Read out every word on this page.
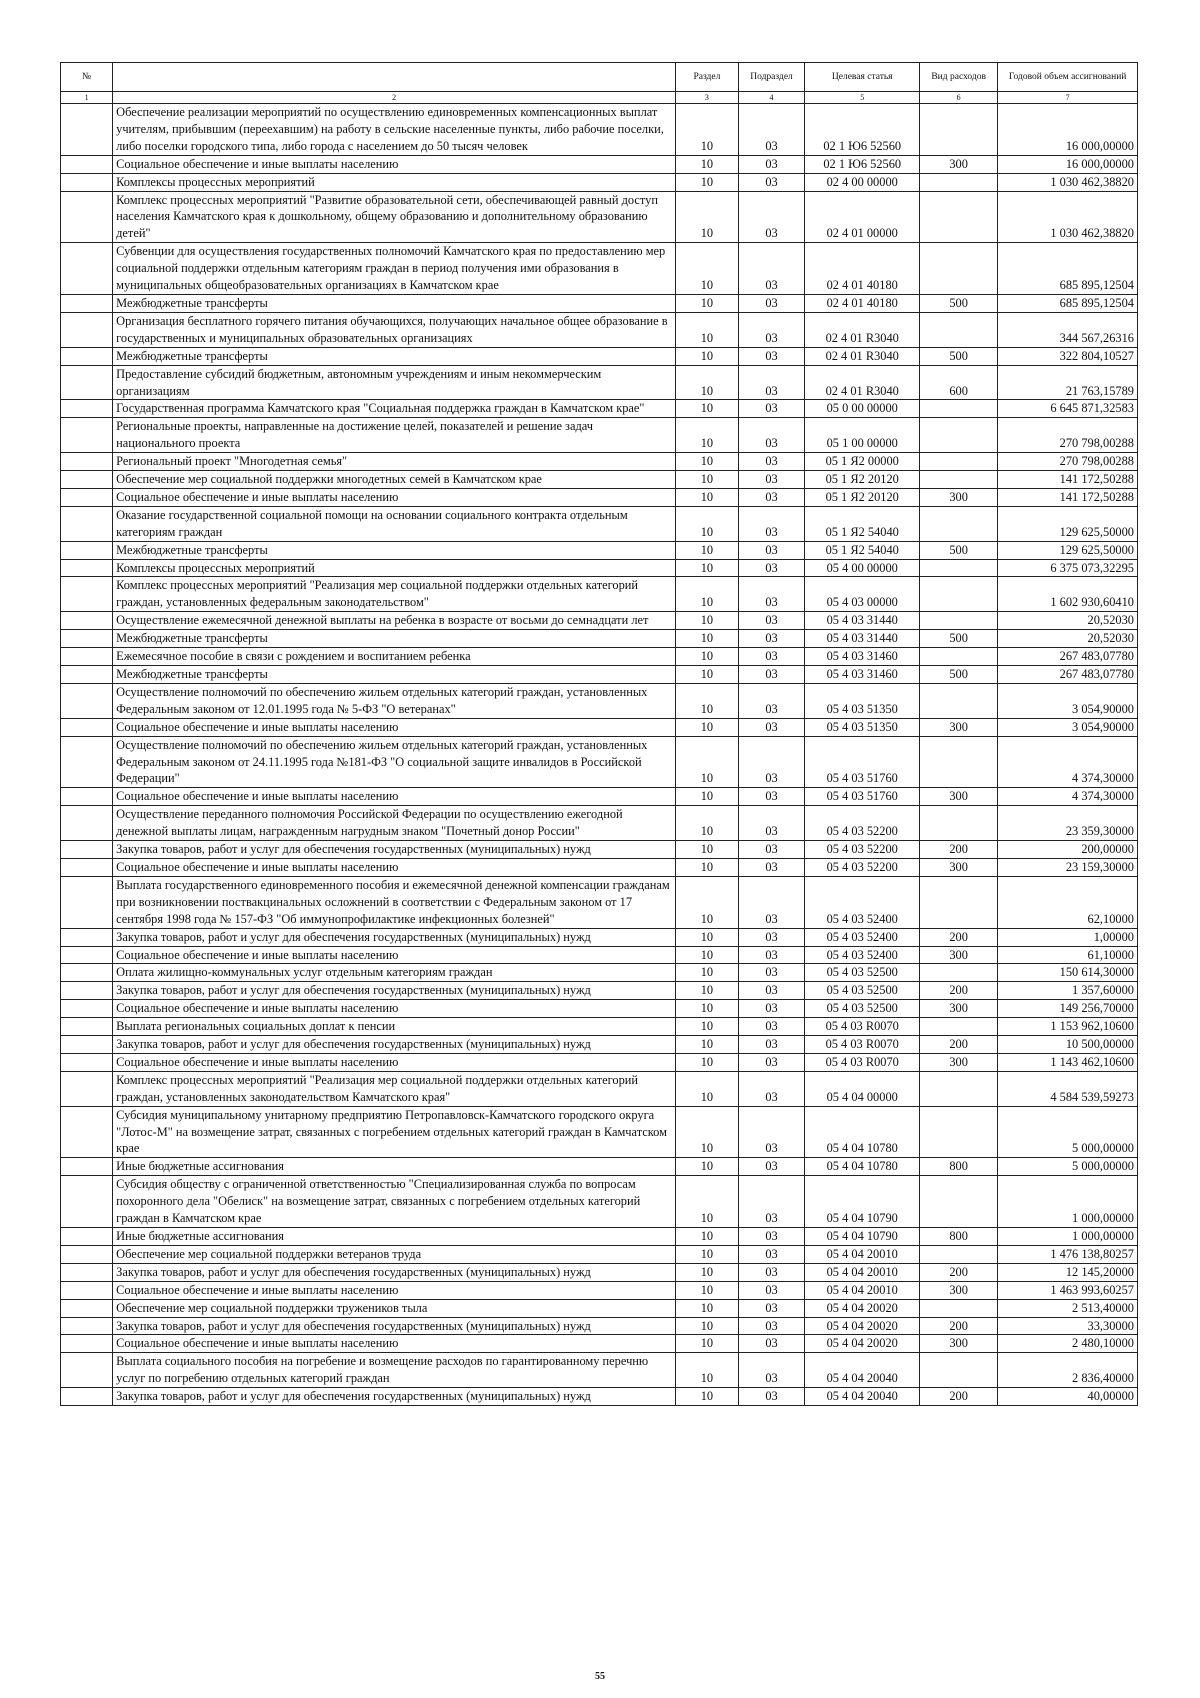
№		Раздел	Подраздел	Целевая статья	Вид расходов	Годовой объем ассигнований
1	2	3	4	5	6	7
	Обеспечение реализации мероприятий по осуществлению единовременных компенсационных выплат учителям, прибывшим (переехавшим) на работу в сельские населенные пункты, либо рабочие поселки, либо поселки городского типа, либо города с населением до 50 тысяч человек	10	03	02 1 Ю6 52560		16 000,00000
	Социальное обеспечение и иные выплаты населению	10	03	02 1 Ю6 52560	300	16 000,00000
	Комплексы процессных мероприятий	10	03	02 4 00 00000		1 030 462,38820
	Комплекс процессных мероприятий "Развитие образовательной сети, обеспечивающей равный доступ населения Камчатского края к дошкольному, общему образованию и дополнительному образованию детей"	10	03	02 4 01 00000		1 030 462,38820
	Субвенции для осуществления государственных полномочий Камчатского края по предоставлению мер социальной поддержки отдельным категориям граждан в период получения ими образования в муниципальных общеобразовательных организациях в Камчатском крае	10	03	02 4 01 40180		685 895,12504
	Межбюджетные трансферты	10	03	02 4 01 40180	500	685 895,12504
	Организация бесплатного горячего питания обучающихся, получающих начальное общее образование в государственных и муниципальных образовательных организациях	10	03	02 4 01 R3040		344 567,26316
	Межбюджетные трансферты	10	03	02 4 01 R3040	500	322 804,10527
	Предоставление субсидий бюджетным, автономным учреждениям и иным некоммерческим организациям	10	03	02 4 01 R3040	600	21 763,15789
	Государственная программа Камчатского края "Социальная поддержка граждан в Камчатском крае"	10	03	05 0 00 00000		6 645 871,32583
	Региональные проекты, направленные на достижение целей, показателей и решение задач национального проекта	10	03	05 1 00 00000		270 798,00288
	Региональный проект "Многодетная семья"	10	03	05 1 Я2 00000		270 798,00288
	Обеспечение мер социальной поддержки многодетных семей в Камчатском крае	10	03	05 1 Я2 20120		141 172,50288
	Социальное обеспечение и иные выплаты населению	10	03	05 1 Я2 20120	300	141 172,50288
	Оказание государственной социальной помощи на основании социального контракта отдельным категориям граждан	10	03	05 1 Я2 54040		129 625,50000
	Межбюджетные трансферты	10	03	05 1 Я2 54040	500	129 625,50000
	Комплексы процессных мероприятий	10	03	05 4 00 00000		6 375 073,32295
	Комплекс процессных мероприятий "Реализация мер социальной поддержки отдельных категорий граждан, установленных федеральным законодательством"	10	03	05 4 03 00000		1 602 930,60410
	Осуществление ежемесячной денежной выплаты на ребенка в возрасте от восьми до семнадцати лет	10	03	05 4 03 31440		20,52030
	Межбюджетные трансферты	10	03	05 4 03 31440	500	20,52030
	Ежемесячное пособие в связи с рождением и воспитанием ребенка	10	03	05 4 03 31460		267 483,07780
	Межбюджетные трансферты	10	03	05 4 03 31460	500	267 483,07780
	Осуществление полномочий по обеспечению жильем отдельных категорий граждан, установленных Федеральным законом от 12.01.1995 года № 5-ФЗ "О ветеранах"	10	03	05 4 03 51350		3 054,90000
	Социальное обеспечение и иные выплаты населению	10	03	05 4 03 51350	300	3 054,90000
	Осуществление полномочий по обеспечению жильем отдельных категорий граждан, установленных Федеральным законом от 24.11.1995 года №181-ФЗ "О социальной защите инвалидов в Российской Федерации"	10	03	05 4 03 51760		4 374,30000
	Социальное обеспечение и иные выплаты населению	10	03	05 4 03 51760	300	4 374,30000
	Осуществление переданного полномочия Российской Федерации по осуществлению ежегодной денежной выплаты лицам, награжденным нагрудным знаком "Почетный донор России"	10	03	05 4 03 52200		23 359,30000
	Закупка товаров, работ и услуг для обеспечения государственных (муниципальных) нужд	10	03	05 4 03 52200	200	200,00000
	Социальное обеспечение и иные выплаты населению	10	03	05 4 03 52200	300	23 159,30000
	Выплата государственного единовременного пособия и ежемесячной денежной компенсации гражданам при возникновении поствакцинальных осложнений в соответствии с Федеральным законом от 17 сентября 1998 года № 157-ФЗ "Об иммунопрофилактике инфекционных болезней"	10	03	05 4 03 52400		62,10000
	Закупка товаров, работ и услуг для обеспечения государственных (муниципальных) нужд	10	03	05 4 03 52400	200	1,00000
	Социальное обеспечение и иные выплаты населению	10	03	05 4 03 52400	300	61,10000
	Оплата жилищно-коммунальных услуг отдельным категориям граждан	10	03	05 4 03 52500		150 614,30000
	Закупка товаров, работ и услуг для обеспечения государственных (муниципальных) нужд	10	03	05 4 03 52500	200	1 357,60000
	Социальное обеспечение и иные выплаты населению	10	03	05 4 03 52500	300	149 256,70000
	Выплата региональных социальных доплат к пенсии	10	03	05 4 03 R0070		1 153 962,10600
	Закупка товаров, работ и услуг для обеспечения государственных (муниципальных) нужд	10	03	05 4 03 R0070	200	10 500,00000
	Социальное обеспечение и иные выплаты населению	10	03	05 4 03 R0070	300	1 143 462,10600
	Комплекс процессных мероприятий "Реализация мер социальной поддержки отдельных категорий граждан, установленных законодательством Камчатского края"	10	03	05 4 04 00000		4 584 539,59273
	Субсидия муниципальному унитарному предприятию Петропавловск-Камчатского городского округа "Лотос-М" на возмещение затрат, связанных с погребением отдельных категорий граждан в Камчатском крае	10	03	05 4 04 10780		5 000,00000
	Иные бюджетные ассигнования	10	03	05 4 04 10780	800	5 000,00000
	Субсидия обществу с ограниченной ответственностью "Специализированная служба по вопросам похоронного дела "Обелиск" на возмещение затрат, связанных с погребением отдельных категорий граждан в Камчатском крае	10	03	05 4 04 10790		1 000,00000
	Иные бюджетные ассигнования	10	03	05 4 04 10790	800	1 000,00000
	Обеспечение мер социальной поддержки ветеранов труда	10	03	05 4 04 20010		1 476 138,80257
	Закупка товаров, работ и услуг для обеспечения государственных (муниципальных) нужд	10	03	05 4 04 20010	200	12 145,20000
	Социальное обеспечение и иные выплаты населению	10	03	05 4 04 20010	300	1 463 993,60257
	Обеспечение мер социальной поддержки тружеников тыла	10	03	05 4 04 20020		2 513,40000
	Закупка товаров, работ и услуг для обеспечения государственных (муниципальных) нужд	10	03	05 4 04 20020	200	33,30000
	Социальное обеспечение и иные выплаты населению	10	03	05 4 04 20020	300	2 480,10000
	Выплата социального пособия на погребение и возмещение расходов по гарантированному перечню услуг по погребению отдельных категорий граждан	10	03	05 4 04 20040		2 836,40000
	Закупка товаров, работ и услуг для обеспечения государственных (муниципальных) нужд	10	03	05 4 04 20040	200	40,00000
55
